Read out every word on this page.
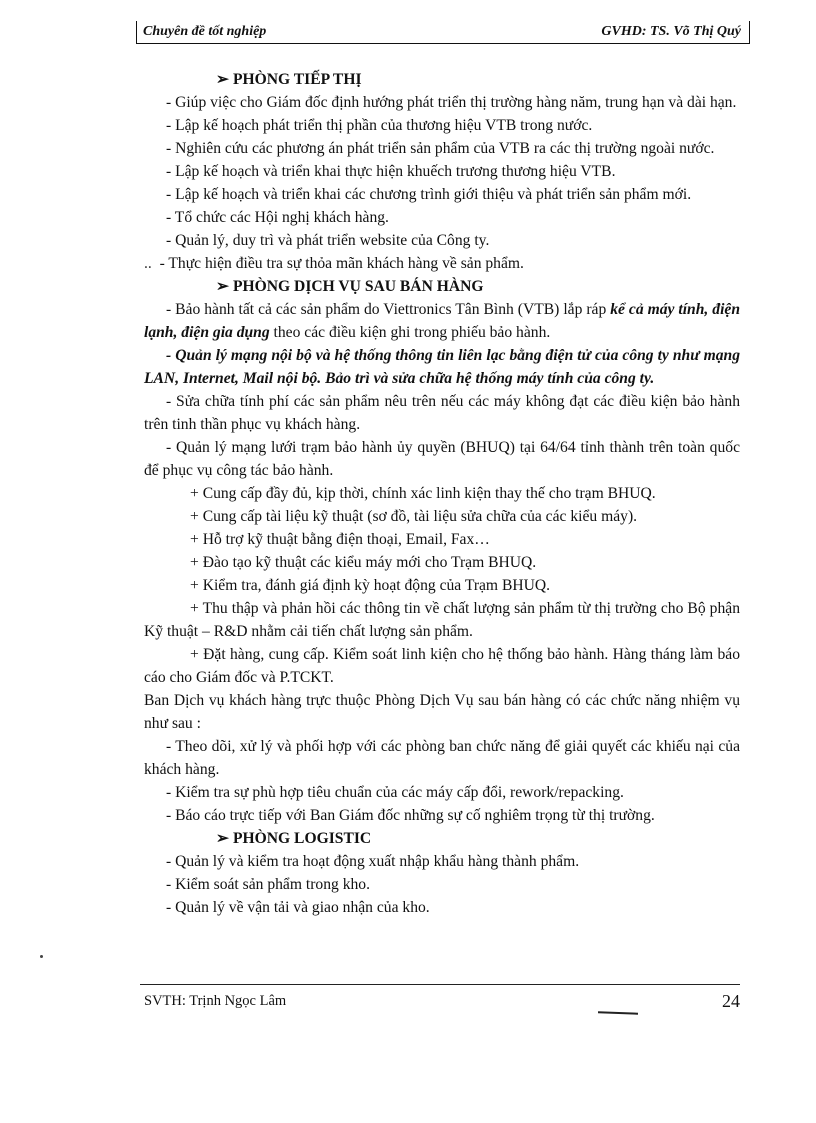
Chuyên đề tốt nghiệp	GVHD: TS. Võ Thị Quý

➢ PHÒNG TIẾP THỊ

- Giúp việc cho Giám đốc định hướng phát triển thị trường hàng năm, trung hạn và dài hạn.

- Lập kế hoạch phát triển thị phần của thương hiệu VTB trong nước.

- Nghiên cứu các phương án phát triển sản phẩm của VTB ra các thị trường ngoài nước.

- Lập kế hoạch và triển khai thực hiện khuếch trương thương hiệu VTB.

- Lập kế hoạch và triển khai các chương trình giới thiệu và phát triển sản phẩm mới.

- Tổ chức các Hội nghị khách hàng.

- Quản lý, duy trì và phát triển website của Công ty.

.. - Thực hiện điều tra sự thỏa mãn khách hàng về sản phẩm.

➢ PHÒNG DỊCH VỤ SAU BÁN HÀNG

- Bảo hành tất cả các sản phẩm do Viettronics Tân Bình (VTB) lắp ráp kể cả máy tính, điện lạnh, điện gia dụng theo các điều kiện ghi trong phiếu bảo hành.

- Quản lý mạng nội bộ và hệ thống thông tin liên lạc bằng điện tử của công ty như mạng LAN, Internet, Mail nội bộ. Bảo trì và sửa chữa hệ thống máy tính của công ty.

- Sửa chữa tính phí các sản phẩm nêu trên nếu các máy không đạt các điều kiện bảo hành trên tinh thần phục vụ khách hàng.

- Quản lý mạng lưới trạm bảo hành ủy quyền (BHUQ) tại 64/64 tỉnh thành trên toàn quốc để phục vụ công tác bảo hành.

+ Cung cấp đầy đủ, kịp thời, chính xác linh kiện thay thế cho trạm BHUQ.

+ Cung cấp tài liệu kỹ thuật (sơ đồ, tài liệu sửa chữa của các kiểu máy).

+ Hỗ trợ kỹ thuật bằng điện thoại, Email, Fax…

+ Đào tạo kỹ thuật các kiểu máy mới cho Trạm BHUQ.

+ Kiểm tra, đánh giá định kỳ hoạt động của Trạm BHUQ.

+ Thu thập và phản hồi các thông tin về chất lượng sản phẩm từ thị trường cho Bộ phận Kỹ thuật – R&D nhằm cải tiến chất lượng sản phẩm.

+ Đặt hàng, cung cấp. Kiểm soát linh kiện cho hệ thống bảo hành. Hàng tháng làm báo cáo cho Giám đốc và P.TCKT.

Ban Dịch vụ khách hàng trực thuộc Phòng Dịch Vụ sau bán hàng có các chức năng nhiệm vụ như sau :

- Theo dõi, xử lý và phối hợp với các phòng ban chức năng để giải quyết các khiếu nại của khách hàng.

- Kiểm tra sự phù hợp tiêu chuẩn của các máy cấp đổi, rework/repacking.

- Báo cáo trực tiếp với Ban Giám đốc những sự cố nghiêm trọng từ thị trường.

➢ PHÒNG LOGISTIC

- Quản lý và kiểm tra hoạt động xuất nhập khẩu hàng thành phẩm.

- Kiểm soát sản phẩm trong kho.

- Quản lý về vận tải và giao nhận của kho.

SVTH: Trịnh Ngọc Lâm	24
